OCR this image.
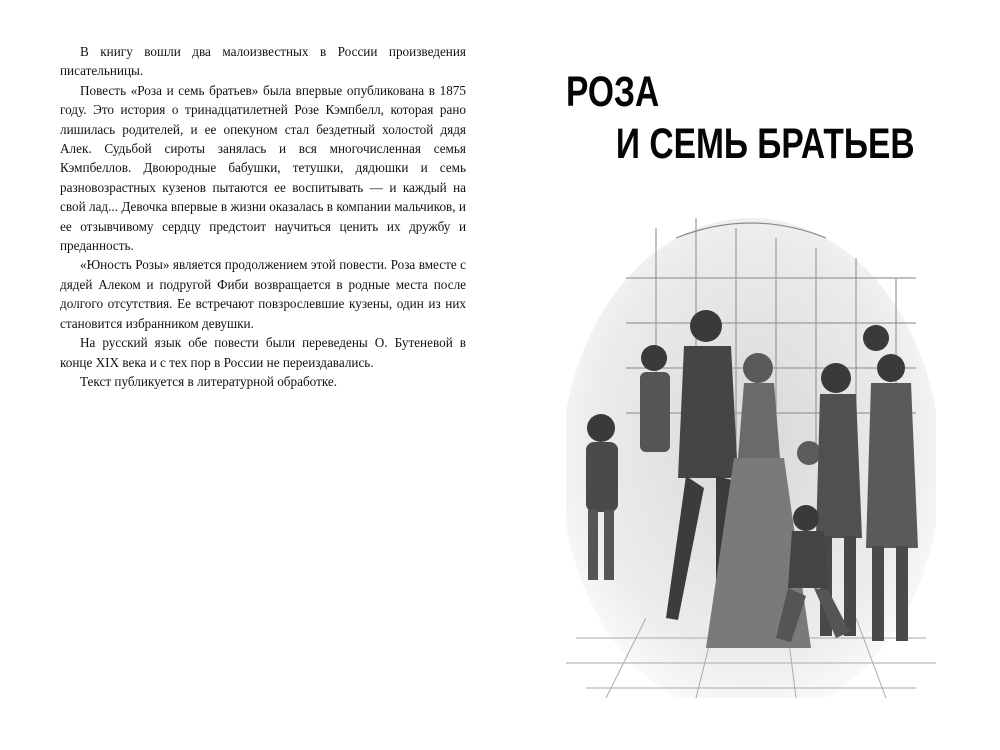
В книгу вошли два малоизвестных в России произведения писательницы.

Повесть «Роза и семь братьев» была впервые опубликована в 1875 году. Это история о тринадцатилетней Розе Кэмпбелл, которая рано лишилась родителей, и ее опекуном стал бездетный холостой дядя Алек. Судьбой сироты занялась и вся многочисленная семья Кэмпбеллов. Двоюродные бабушки, тетушки, дядюшки и семь разновозрастных кузенов пытаются ее воспитывать — и каждый на свой лад... Девочка впервые в жизни оказалась в компании мальчиков, и ее отзывчивому сердцу предстоит научиться ценить их дружбу и преданность.

«Юность Розы» является продолжением этой повести. Роза вместе с дядей Алеком и подругой Фиби возвращается в родные места после долгого отсутствия. Ее встречают повзрослевшие кузены, один из них становится избранником девушки.

На русский язык обе повести были переведены О. Бутеневой в конце XIX века и с тех пор в России не переиздавались.

Текст публикуется в литературной обработке.

РОЗА
И СЕМЬ БРАТЬЕВ
